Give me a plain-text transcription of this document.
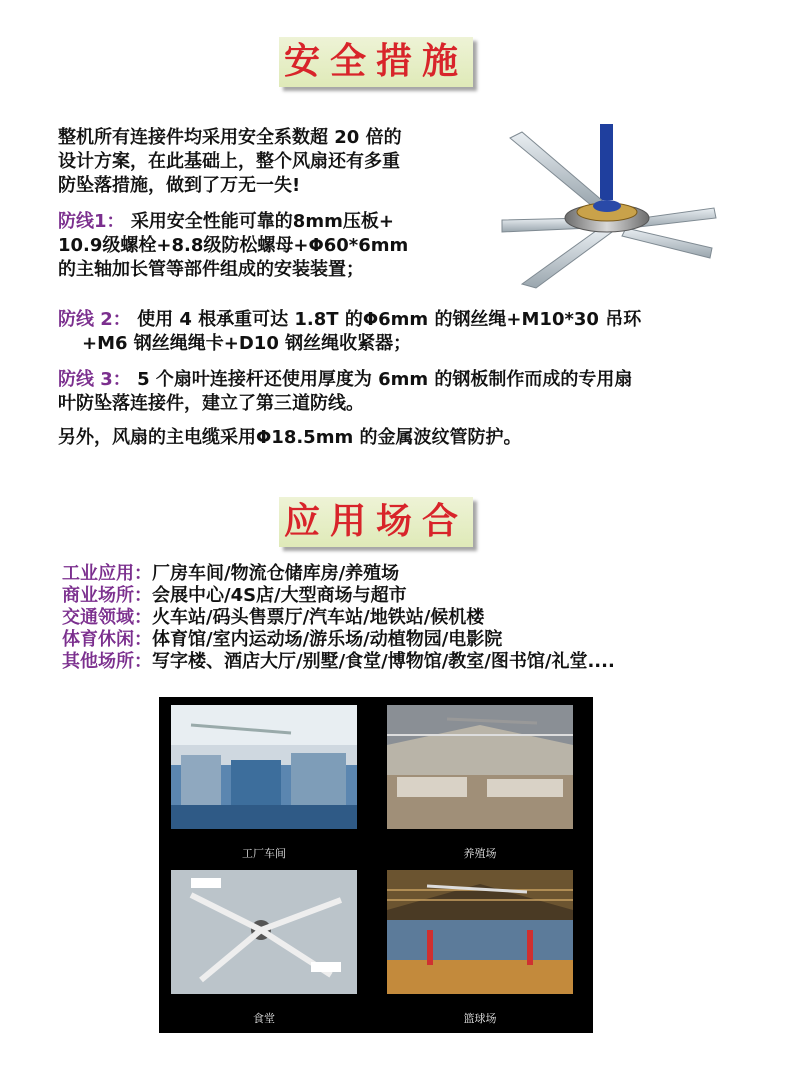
安全措施
整机所有连接件均采用安全系数超 20 倍的
设计方案，在此基础上，整个风扇还有多重
防坠落措施，做到了万无一失!
防线1： 采用安全性能可靠的8mm压板+
10.9级螺栓+8.8级防松螺母+Φ60*6mm
的主轴加长管等部件组成的安装装置；
防线 2： 使用 4 根承重可达 1.8T 的Φ6mm 的钢丝绳+M10*30 吊环
+M6 钢丝绳绳卡+D10 钢丝绳收紧器；
防线 3： 5 个扇叶连接杆还使用厚度为 6mm 的钢板制作而成的专用扇
叶防坠落连接件，建立了第三道防线。
另外，风扇的主电缆采用Φ18.5mm 的金属波纹管防护。
应用场合
工业应用：厂房车间/物流仓储库房/养殖场
商业场所：会展中心/4S店/大型商场与超市
交通领域：火车站/码头售票厅/汽车站/地铁站/候机楼
体育休闲：体育馆/室内运动场/游乐场/动植物园/电影院
其他场所：写字楼、酒店大厅/别墅/食堂/博物馆/教室/图书馆/礼堂....
工厂车间	养殖场
食堂	篮球场
